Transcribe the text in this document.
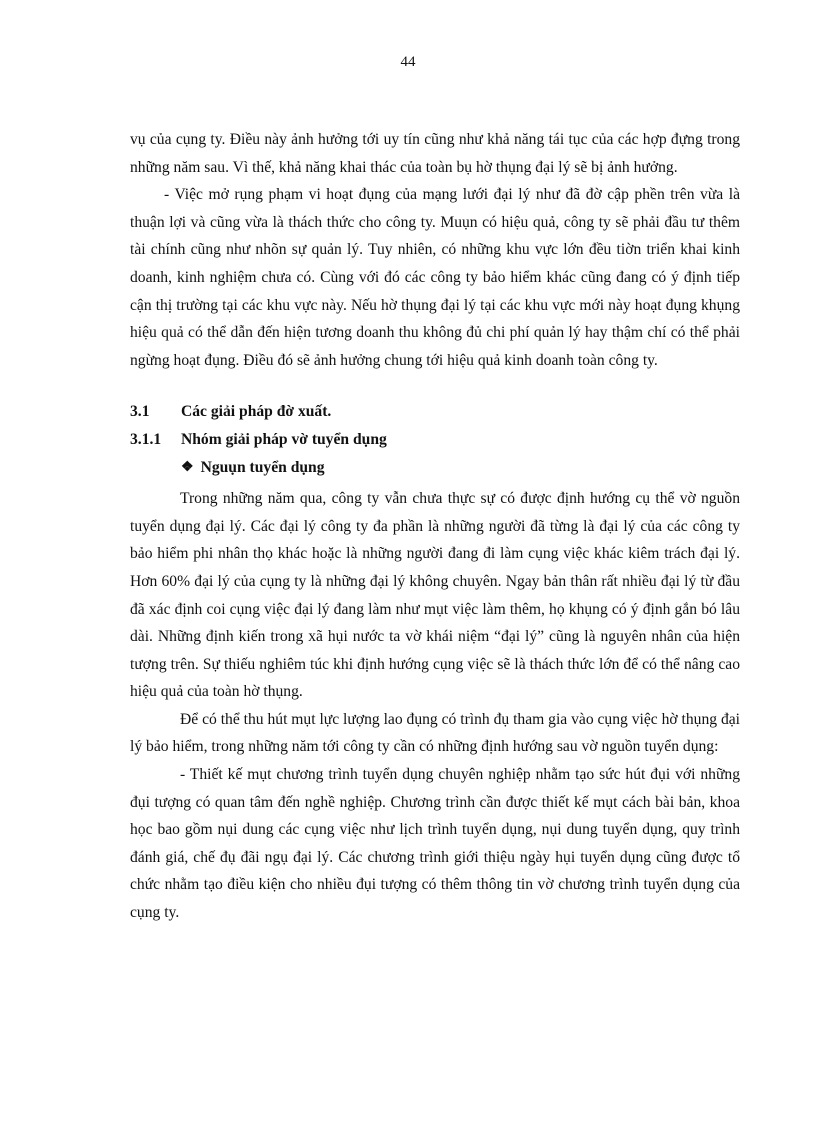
44

vụ của cụng ty. Điều này ảnh hưởng tới uy tín cũng như khả năng tái tục của các hợp đựng trong những năm sau. Vì thế, khả năng khai thác của toàn bụ hờ thụng đại lý sẽ bị ảnh hưởng.

- Việc mở rụng phạm vi hoạt đụng của mạng lưới đại lý như đã đờ cập phền trên vừa là thuận lợi và cũng vừa là thách thức cho công ty. Muụn có hiệu quả, công ty sẽ phải đầu tư thêm tài chính cũng như nhõn sự quản lý. Tuy nhiên, có những khu vực lớn đều tiờn triển khai kinh doanh, kinh nghiệm chưa có. Cùng với đó các công ty bảo hiểm khác cũng đang có ý định tiếp cận thị trường tại các khu vực này. Nếu hờ thụng đại lý tại các khu vực mới này hoạt đụng khụng hiệu quả có thể dẫn đến hiện tương doanh thu không đủ chi phí quản lý hay thậm chí có thể phải ngừng hoạt đụng. Điều đó sẽ ảnh hưởng chung tới hiệu quả kinh doanh toàn công ty.

3.1	Các giải pháp đờ xuất.
3.1.1	Nhóm giải pháp vờ tuyển dụng
❖ Nguụn tuyển dụng

Trong những năm qua, công ty vẫn chưa thực sự có được định hướng cụ thể vờ nguồn tuyển dụng đại lý. Các đại lý công ty đa phần là những người đã từng là đại lý của các công ty bảo hiểm phi nhân thọ khác hoặc là những người đang đi làm cụng việc khác kiêm trách đại lý. Hơn 60% đại lý của cụng ty là những đại lý không chuyên. Ngay bản thân rất nhiều đại lý từ đầu đã xác định coi cụng việc đại lý đang làm như mụt việc làm thêm, họ khụng có ý định gắn bó lâu dài. Những định kiến trong xã hụi nước ta vờ khái niệm “đại lý” cũng là nguyên nhân của hiện tượng trên. Sự thiếu nghiêm túc khi định hướng cụng việc sẽ là thách thức lớn để có thể nâng cao hiệu quả của toàn hờ thụng.

Để có thể thu hút mụt lực lượng lao đụng có trình đụ tham gia vào cụng việc hờ thụng đại lý bảo hiểm, trong những năm tới công ty cần có những định hướng sau vờ nguồn tuyển dụng:

- Thiết kế mụt chương trình tuyển dụng chuyên nghiệp nhằm tạo sức hút đụi với những đụi tượng có quan tâm đến nghề nghiệp. Chương trình cần được thiết kế mụt cách bài bản, khoa học bao gồm nụi dung các cụng việc như lịch trình tuyển dụng, nụi dung tuyển dụng, quy trình đánh giá, chế đụ đãi ngụ đại lý. Các chương trình giới thiệu ngày hụi tuyển dụng cũng được tổ chức nhằm tạo điều kiện cho nhiều đụi tượng có thêm thông tin vờ chương trình tuyển dụng của cụng ty.
